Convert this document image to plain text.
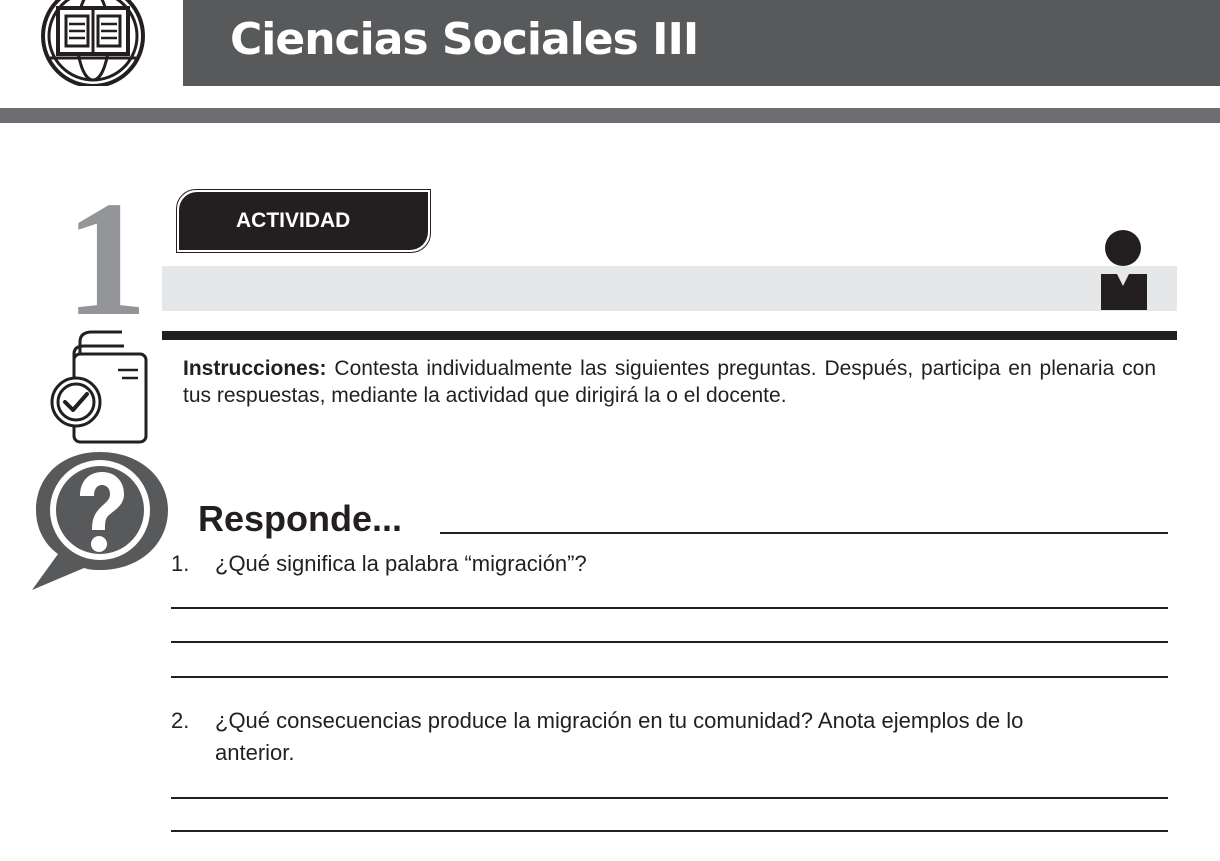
Ciencias Sociales III
1	ACTIVIDAD
Instrucciones: Contesta individualmente las siguientes preguntas. Después, participa en plenaria con tus respuestas, mediante la actividad que dirigirá la o el docente.
Responde...
1. ¿Qué significa la palabra “migración”?
2. ¿Qué consecuencias produce la migración en tu comunidad? Anota ejemplos de lo
anterior.
